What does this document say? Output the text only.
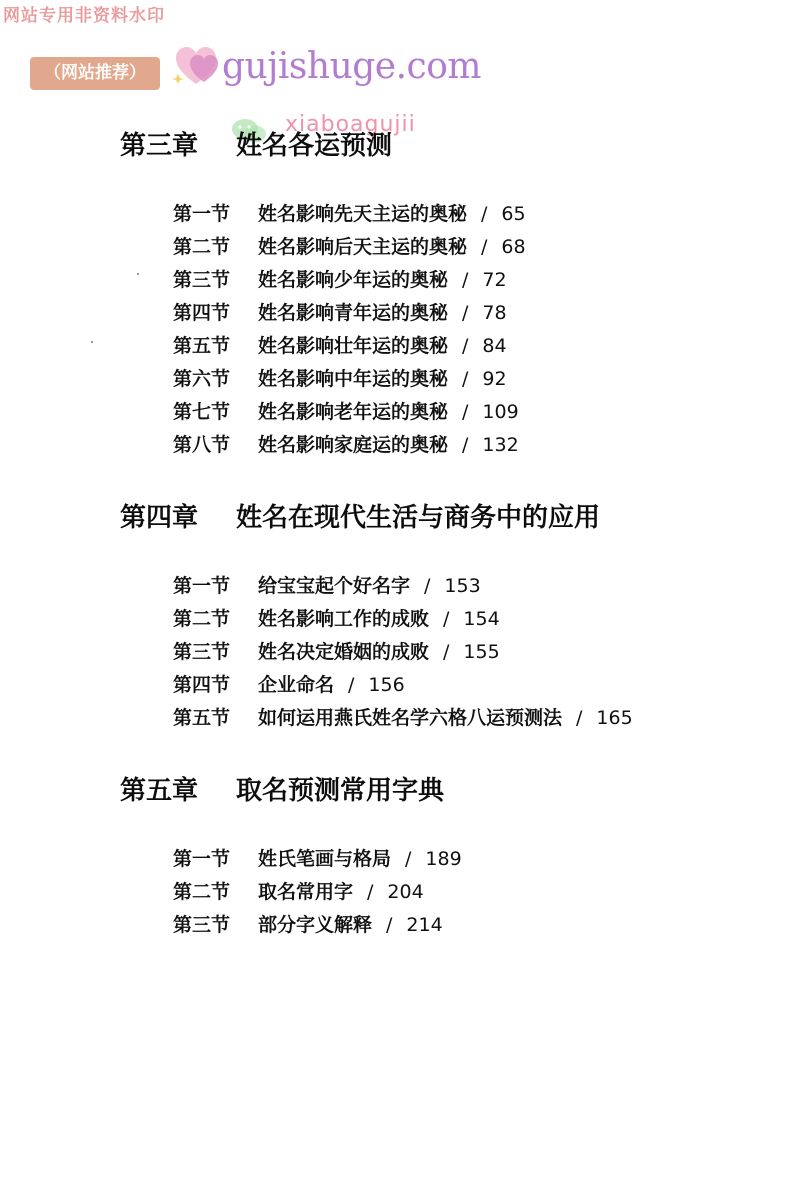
网站专用非资料水印
（网站推荐）	gujishuge.com
xiaboagujii
第三章 姓名各运预测
第一节 姓名影响先天主运的奥秘 / 65
第二节 姓名影响后天主运的奥秘 / 68
第三节 姓名影响少年运的奥秘 / 72
第四节 姓名影响青年运的奥秘 / 78
第五节 姓名影响壮年运的奥秘 / 84
第六节 姓名影响中年运的奥秘 / 92
第七节 姓名影响老年运的奥秘 / 109
第八节 姓名影响家庭运的奥秘 / 132
第四章 姓名在现代生活与商务中的应用
第一节 给宝宝起个好名字 / 153
第二节 姓名影响工作的成败 / 154
第三节 姓名决定婚姻的成败 / 155
第四节 企业命名 / 156
第五节 如何运用燕氏姓名学六格八运预测法 / 165
第五章 取名预测常用字典
第一节 姓氏笔画与格局 / 189
第二节 取名常用字 / 204
第三节 部分字义解释 / 214
